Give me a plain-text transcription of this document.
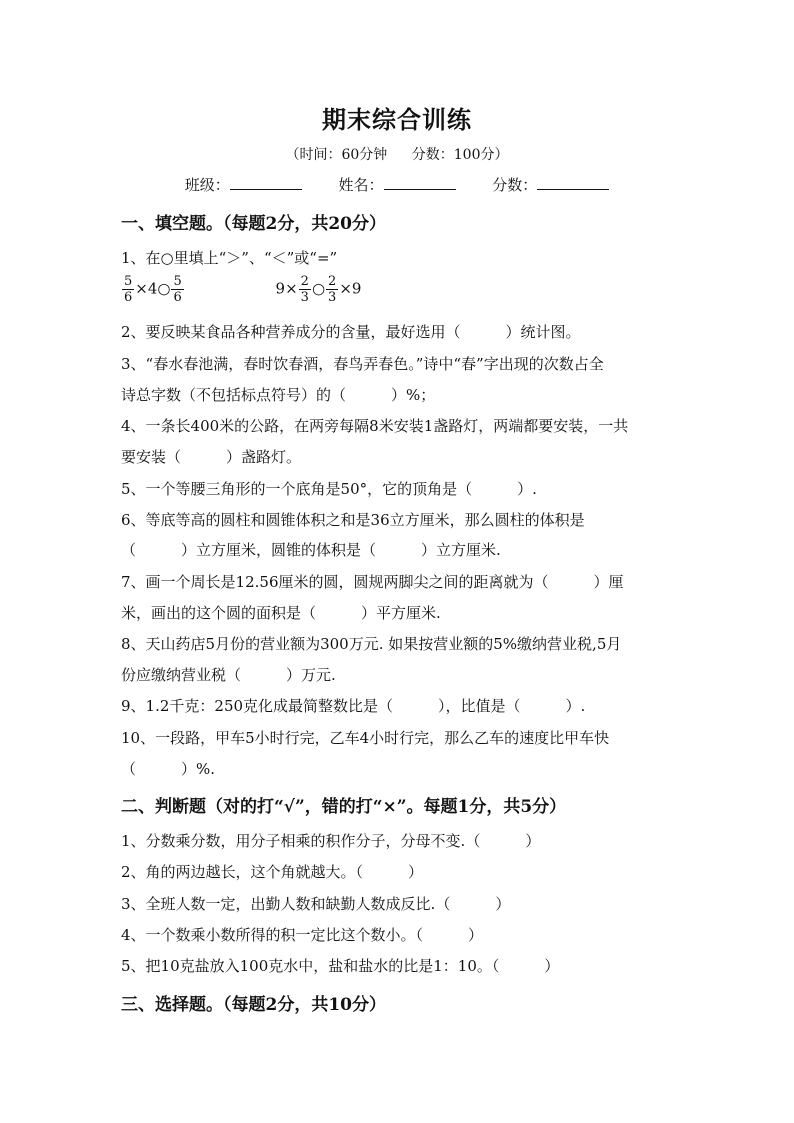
期末综合训练
（时间：60分钟 分数：100分）
班级：	姓名：	分数：
一、填空题。（每题2分，共20分）
1、在○里填上“＞”、“＜”或“=”
$\frac{5}{6}$ ×4○ $\frac{5}{6}$	$9\times \frac{2}{3}$ ○ $\frac{2}{3} \times 9$
2、要反映某食品各种营养成分的含量，最好选用（　　　）统计图。
3、“春水春池满，春时饮春酒，春鸟弄春色。”诗中“春”字出现的次数占全
诗总字数（不包括标点符号）的（　　　）%；
4、一条长400米的公路，在两旁每隔8米安装1盏路灯，两端都要安装，一共
要安装（　　　）盏路灯。
5、一个等腰三角形的一个底角是50°，它的顶角是（　　　）.
6、等底等高的圆柱和圆锥体积之和是36立方厘米，那么圆柱的体积是
（　　　）立方厘米，圆锥的体积是（　　　）立方厘米.
7、画一个周长是12.56厘米的圆，圆规两脚尖之间的距离就为（　　　）厘
米，画出的这个圆的面积是（　　　）平方厘米.
8、天山药店5月份的营业额为300万元. 如果按营业额的5%缴纳营业税,5月
份应缴纳营业税（　　　）万元.
9、1.2千克：250克化成最简整数比是（　　　），比值是（　　　）.
10、一段路，甲车5小时行完，乙车4小时行完，那么乙车的速度比甲车快
（　　　）%.
二、判断题（对的打“√”，错的打“×”。每题1分，共5分）
1、分数乘分数，用分子相乘的积作分子，分母不变.（　　　）
2、角的两边越长，这个角就越大。（　　　）
3、全班人数一定，出勤人数和缺勤人数成反比.（　　　）
4、一个数乘小数所得的积一定比这个数小。（　　　）
5、把10克盐放入100克水中，盐和盐水的比是1：10。（　　　）
三、选择题。（每题2分，共10分）
